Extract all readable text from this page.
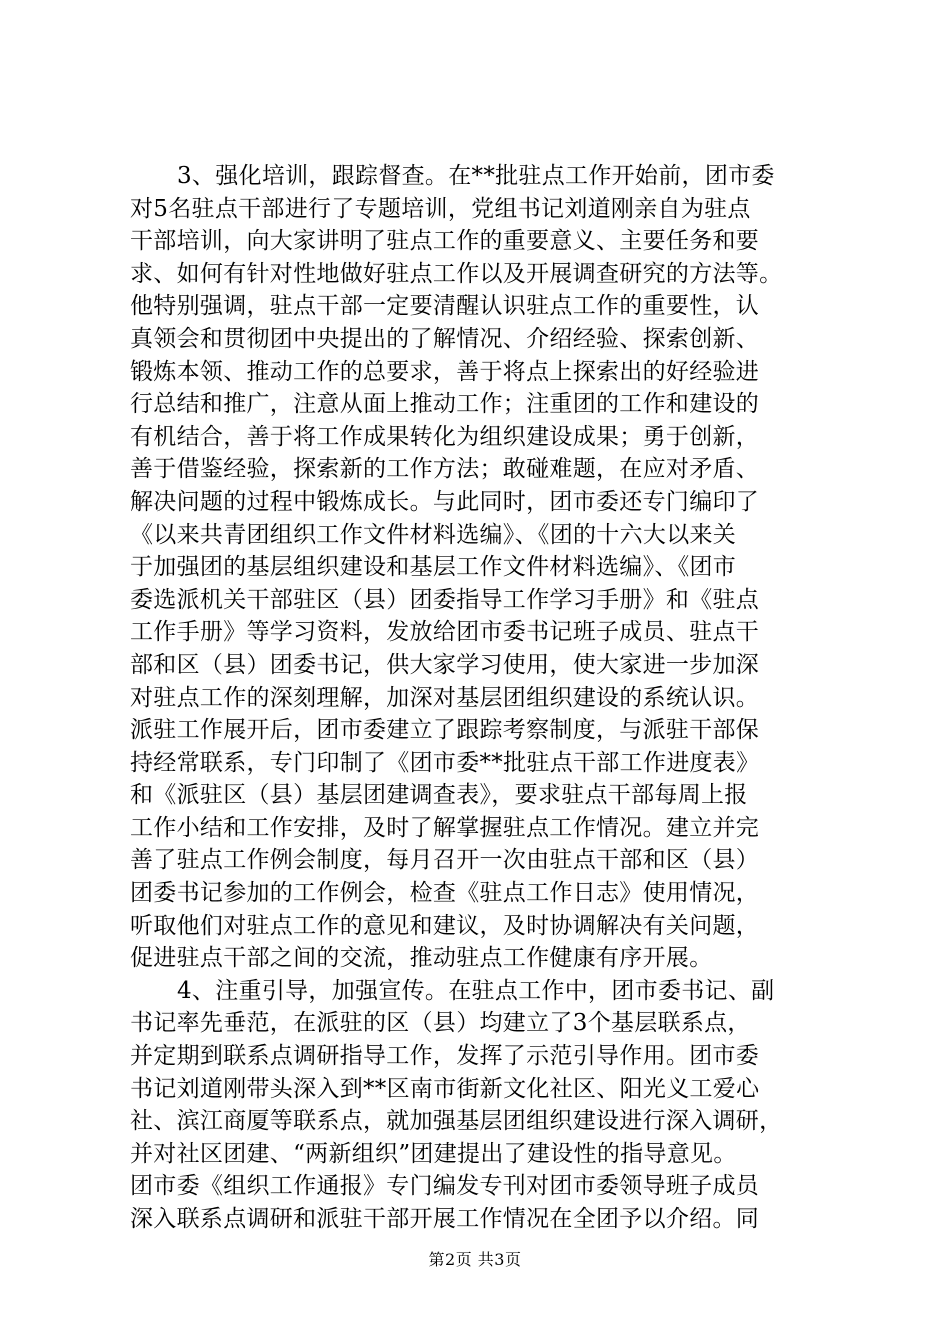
3、强化培训，跟踪督查。在**批驻点工作开始前，团市委
对5名驻点干部进行了专题培训，党组书记刘道刚亲自为驻点
干部培训，向大家讲明了驻点工作的重要意义、主要任务和要
求、如何有针对性地做好驻点工作以及开展调查研究的方法等。
他特别强调，驻点干部一定要清醒认识驻点工作的重要性，认
真领会和贯彻团中央提出的了解情况、介绍经验、探索创新、
锻炼本领、推动工作的总要求，善于将点上探索出的好经验进
行总结和推广，注意从面上推动工作；注重团的工作和建设的
有机结合，善于将工作成果转化为组织建设成果；勇于创新，
善于借鉴经验，探索新的工作方法；敢碰难题，在应对矛盾、
解决问题的过程中锻炼成长。与此同时，团市委还专门编印了
《以来共青团组织工作文件材料选编》、《团的十六大以来关
于加强团的基层组织建设和基层工作文件材料选编》、《团市
委选派机关干部驻区（县）团委指导工作学习手册》和《驻点
工作手册》等学习资料，发放给团市委书记班子成员、驻点干
部和区（县）团委书记，供大家学习使用，使大家进一步加深
对驻点工作的深刻理解，加深对基层团组织建设的系统认识。
派驻工作展开后，团市委建立了跟踪考察制度，与派驻干部保
持经常联系，专门印制了《团市委**批驻点干部工作进度表》
和《派驻区（县）基层团建调查表》，要求驻点干部每周上报
工作小结和工作安排，及时了解掌握驻点工作情况。建立并完
善了驻点工作例会制度，每月召开一次由驻点干部和区（县）
团委书记参加的工作例会，检查《驻点工作日志》使用情况，
听取他们对驻点工作的意见和建议，及时协调解决有关问题，
促进驻点干部之间的交流，推动驻点工作健康有序开展。
4、注重引导，加强宣传。在驻点工作中，团市委书记、副
书记率先垂范，在派驻的区（县）均建立了3个基层联系点，
并定期到联系点调研指导工作，发挥了示范引导作用。团市委
书记刘道刚带头深入到**区南市街新文化社区、阳光义工爱心
社、滨江商厦等联系点，就加强基层团组织建设进行深入调研，
并对社区团建、“两新组织”团建提出了建设性的指导意见。
团市委《组织工作通报》专门编发专刊对团市委领导班子成员
深入联系点调研和派驻干部开展工作情况在全团予以介绍。同
第2页 共3页
